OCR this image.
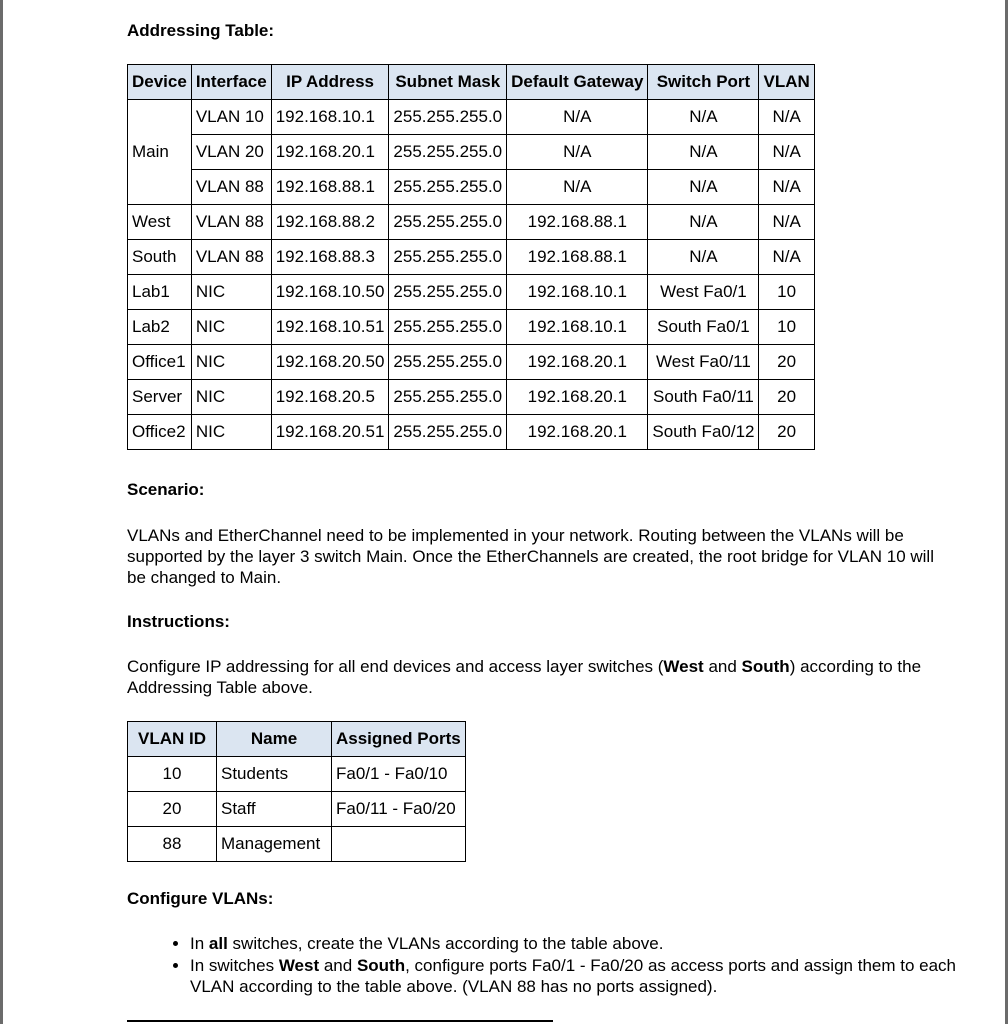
Addressing Table:
Device	Interface	IP Address	Subnet Mask	Default Gateway	Switch Port	VLAN
Main	VLAN 10	192.168.10.1	255.255.255.0	N/A	N/A	N/A
	VLAN 20	192.168.20.1	255.255.255.0	N/A	N/A	N/A
	VLAN 88	192.168.88.1	255.255.255.0	N/A	N/A	N/A
West	VLAN 88	192.168.88.2	255.255.255.0	192.168.88.1	N/A	N/A
South	VLAN 88	192.168.88.3	255.255.255.0	192.168.88.1	N/A	N/A
Lab1	NIC	192.168.10.50	255.255.255.0	192.168.10.1	West Fa0/1	10
Lab2	NIC	192.168.10.51	255.255.255.0	192.168.10.1	South Fa0/1	10
Office1	NIC	192.168.20.50	255.255.255.0	192.168.20.1	West Fa0/11	20
Server	NIC	192.168.20.5	255.255.255.0	192.168.20.1	South Fa0/11	20
Office2	NIC	192.168.20.51	255.255.255.0	192.168.20.1	South Fa0/12	20
Scenario:
VLANs and EtherChannel need to be implemented in your network. Routing between the VLANs will be supported by the layer 3 switch Main. Once the EtherChannels are created, the root bridge for VLAN 10 will be changed to Main.
Instructions:
Configure IP addressing for all end devices and access layer switches (West and South) according to the Addressing Table above.
VLAN ID	Name	Assigned Ports
10	Students	Fa0/1 - Fa0/10
20	Staff	Fa0/11 - Fa0/20
88	Management	
Configure VLANs:
• In all switches, create the VLANs according to the table above.
• In switches West and South, configure ports Fa0/1 - Fa0/20 as access ports and assign them to each VLAN according to the table above. (VLAN 88 has no ports assigned).
